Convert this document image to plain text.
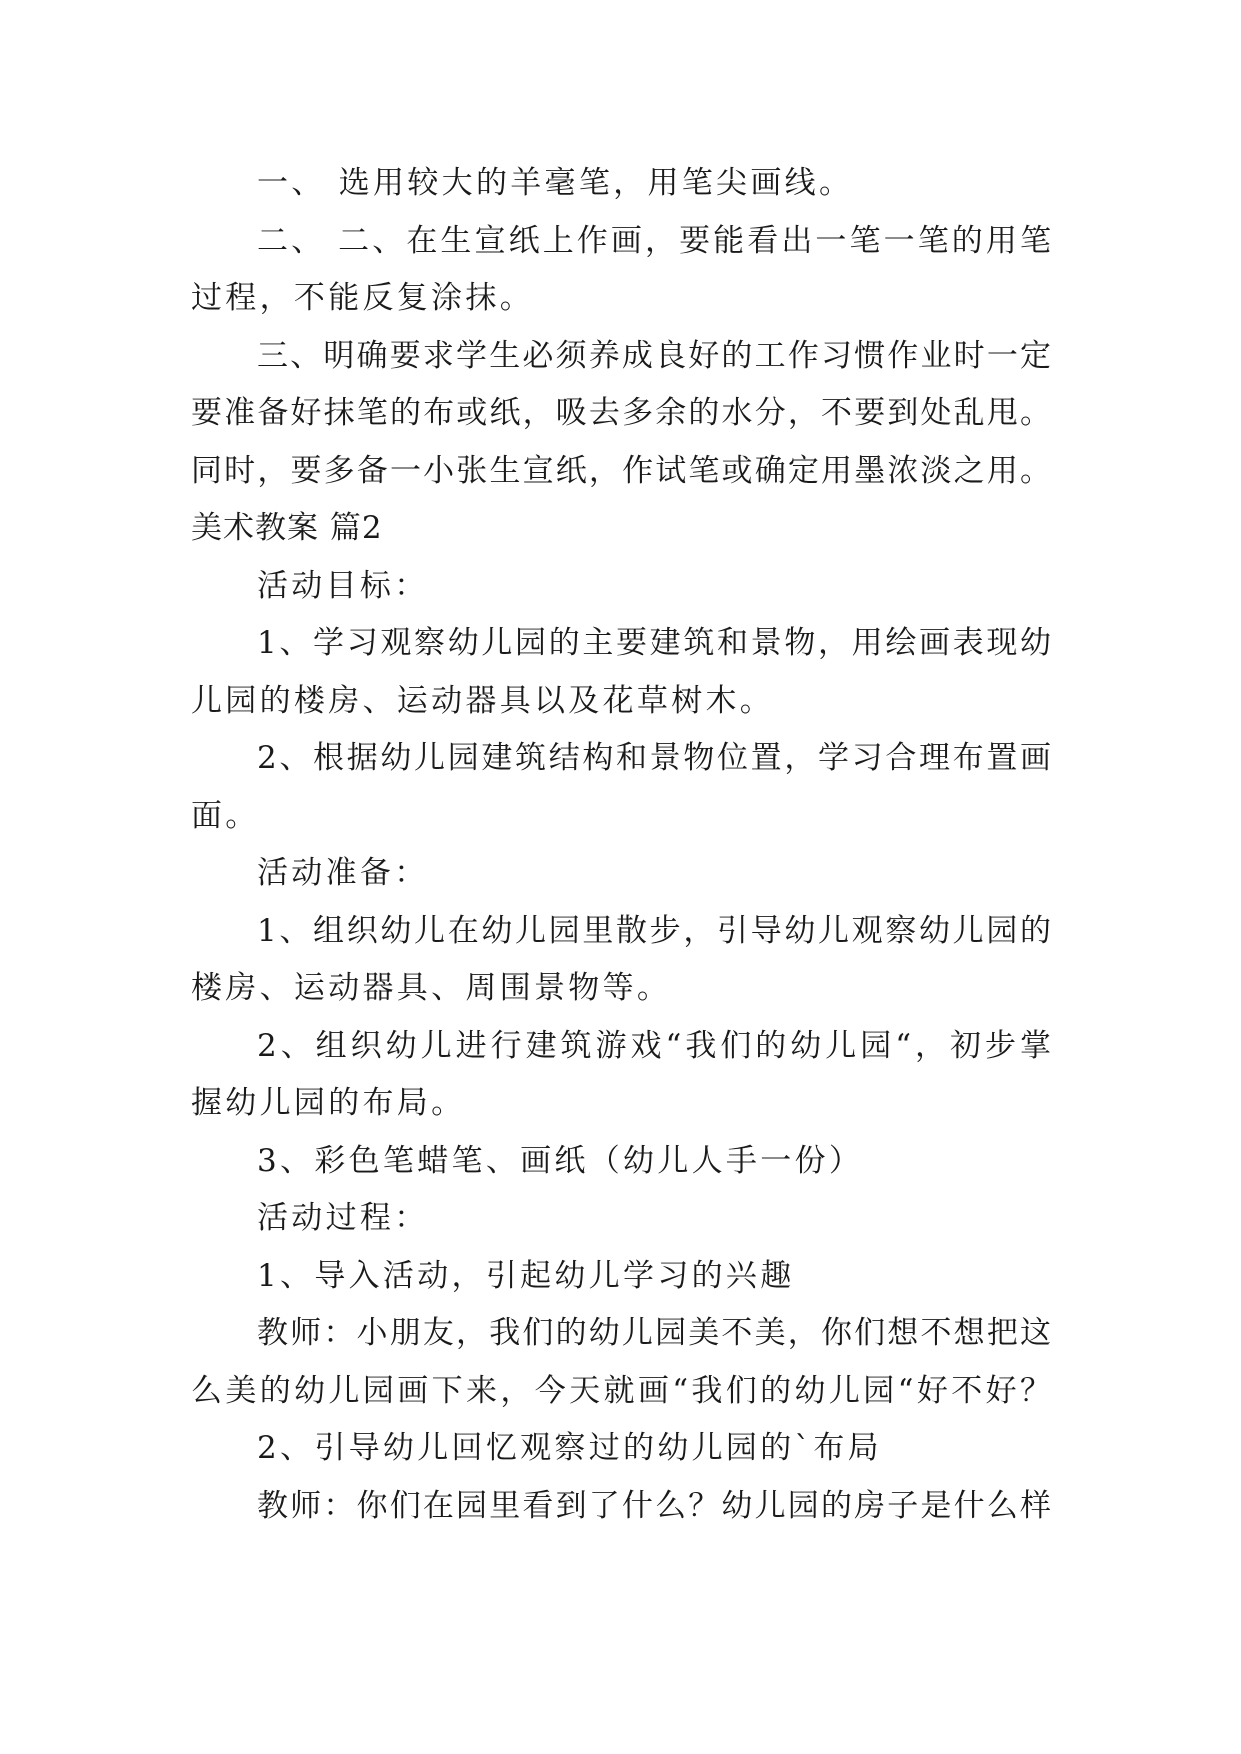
一、 选用较大的羊毫笔，用笔尖画线。
二、 二、在生宣纸上作画，要能看出一笔一笔的用笔
过程，不能反复涂抹。
三、明确要求学生必须养成良好的工作习惯作业时一定
要准备好抹笔的布或纸，吸去多余的水分，不要到处乱甩。
同时，要多备一小张生宣纸，作试笔或确定用墨浓淡之用。
美术教案 篇2
活动目标：
1、学习观察幼儿园的主要建筑和景物，用绘画表现幼
儿园的楼房、运动器具以及花草树木。
2、根据幼儿园建筑结构和景物位置，学习合理布置画
面。
活动准备：
1、组织幼儿在幼儿园里散步，引导幼儿观察幼儿园的
楼房、运动器具、周围景物等。
2、组织幼儿进行建筑游戏“我们的幼儿园“，初步掌
握幼儿园的布局。
3、彩色笔蜡笔、画纸（幼儿人手一份）
活动过程：
1、导入活动，引起幼儿学习的兴趣
教师：小朋友，我们的幼儿园美不美，你们想不想把这
么美的幼儿园画下来，今天就画“我们的幼儿园“好不好？
2、引导幼儿回忆观察过的幼儿园的`布局
教师：你们在园里看到了什么？幼儿园的房子是什么样
